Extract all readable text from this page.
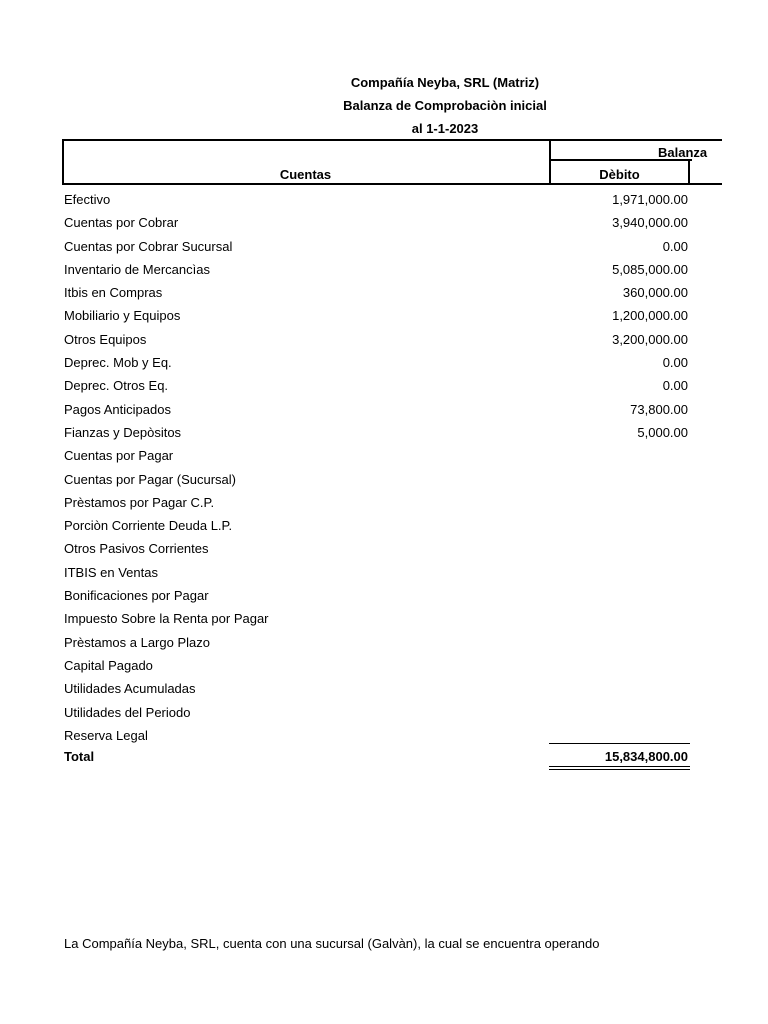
Compañía Neyba, SRL (Matriz)
Balanza de Comprobaciòn inicial
al 1-1-2023
Balanza
Cuentas	Dèbito
Efectivo	1,971,000.00
Cuentas por Cobrar	3,940,000.00
Cuentas por Cobrar Sucursal	0.00
Inventario de Mercancìas	5,085,000.00
Itbis en Compras	360,000.00
Mobiliario y Equipos	1,200,000.00
Otros Equipos	3,200,000.00
Deprec. Mob y Eq.	0.00
Deprec. Otros Eq.	0.00
Pagos Anticipados	73,800.00
Fianzas y Depòsitos	5,000.00
Cuentas por Pagar
Cuentas por Pagar (Sucursal)
Prèstamos por Pagar C.P.
Porciòn Corriente Deuda L.P.
Otros Pasivos Corrientes
ITBIS en Ventas
Bonificaciones por Pagar
Impuesto Sobre la Renta por Pagar
Prèstamos a Largo Plazo
Capital Pagado
Utilidades Acumuladas
Utilidades del Periodo
Reserva Legal
Total	15,834,800.00
La Compañía Neyba, SRL, cuenta con una sucursal (Galvàn), la cual se encuentra operando
